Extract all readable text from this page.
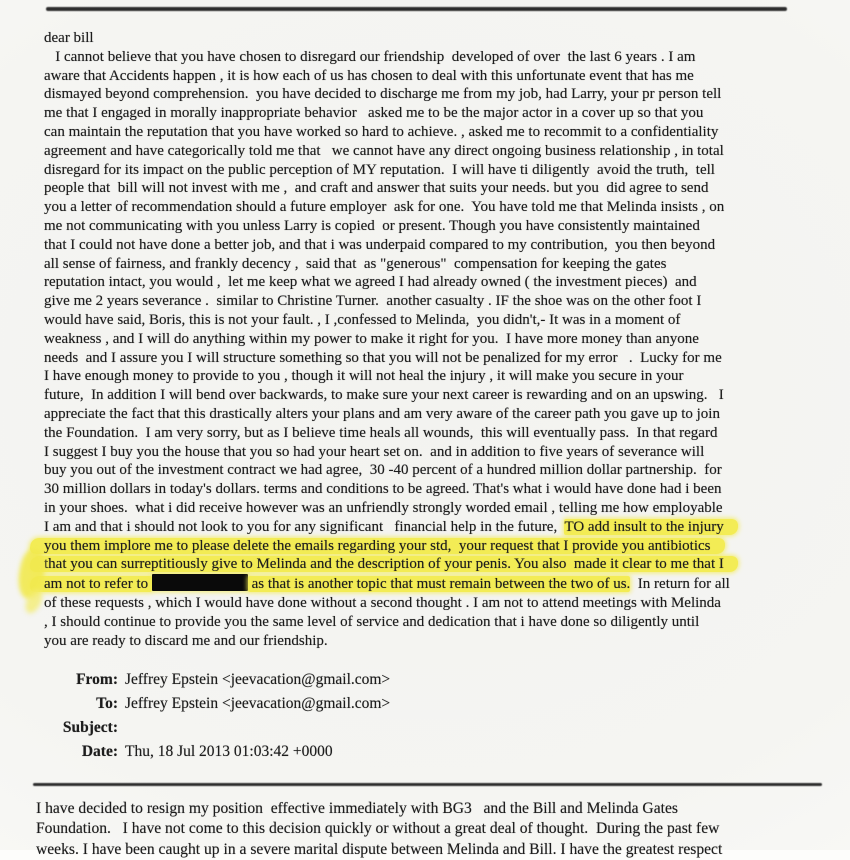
dear bill
I cannot believe that you have chosen to disregard our friendship  developed of over  the last 6 years . I am
aware that Accidents happen , it is how each of us has chosen to deal with this unfortunate event that has me
dismayed beyond comprehension.  you have decided to discharge me from my job, had Larry, your pr person tell
me that I engaged in morally inappropriate behavior   asked me to be the major actor in a cover up so that you
can maintain the reputation that you have worked so hard to achieve. , asked me to recommit to a confidentiality
agreement and have categorically told me that   we cannot have any direct ongoing business relationship , in total
disregard for its impact on the public perception of MY reputation.  I will have ti diligently  avoid the truth,  tell
people that  bill will not invest with me ,  and craft and answer that suits your needs. but you  did agree to send
you a letter of recommendation should a future employer  ask for one.  You have told me that Melinda insists , on
me not communicating with you unless Larry is copied  or present. Though you have consistently maintained
that I could not have done a better job, and that i was underpaid compared to my contribution,  you then beyond
all sense of fairness, and frankly decency ,  said that  as "generous"  compensation for keeping the gates
reputation intact, you would ,  let me keep what we agreed I had already owned ( the investment pieces)  and
give me 2 years severance .  similar to Christine Turner.  another casualty . IF the shoe was on the other foot I
would have said, Boris, this is not your fault. , I ,confessed to Melinda,  you didn't,- It was in a moment of
weakness , and I will do anything within my power to make it right for you.  I have more money than anyone
needs  and I assure you I will structure something so that you will not be penalized for my error   .  Lucky for me
I have enough money to provide to you , though it will not heal the injury , it will make you secure in your
future,  In addition I will bend over backwards, to make sure your next career is rewarding and on an upswing.   I
appreciate the fact that this drastically alters your plans and am very aware of the career path you gave up to join
the Foundation.  I am very sorry, but as I believe time heals all wounds,  this will eventually pass.  In that regard
I suggest I buy you the house that you so had your heart set on.  and in addition to five years of severance will
buy you out of the investment contract we had agree,  30 -40 percent of a hundred million dollar partnership.  for
30 million dollars in today's dollars. terms and conditions to be agreed. That's what i would have done had i been
in your shoes.  what i did receive however was an unfriendly strongly worded email , telling me how employable
I am and that i should not look to you for any significant   financial help in the future,  TO add insult to the injury
you them implore me to please delete the emails regarding your std,  your request that I provide you antibiotics
that you can surreptitiously give to Melinda and the description of your penis. You also  made it clear to me that I
am not to refer to	as that is another topic that must remain between the two of us.  In return for all
of these requests , which I would have done without a second thought . I am not to attend meetings with Melinda
, I should continue to provide you the same level of service and dedication that i have done so diligently until
you are ready to discard me and our friendship.
From: Jeffrey Epstein <jeevacation@gmail.com>
To: Jeffrey Epstein <jeevacation@gmail.com>
Subject:
Date: Thu, 18 Jul 2013 01:03:42 +0000
I have decided to resign my position  effective immediately with BG3   and the Bill and Melinda Gates
Foundation.   I have not come to this decision quickly or without a great deal of thought.  During the past few
weeks. I have been caught up in a severe marital dispute between Melinda and Bill. I have the greatest respect
